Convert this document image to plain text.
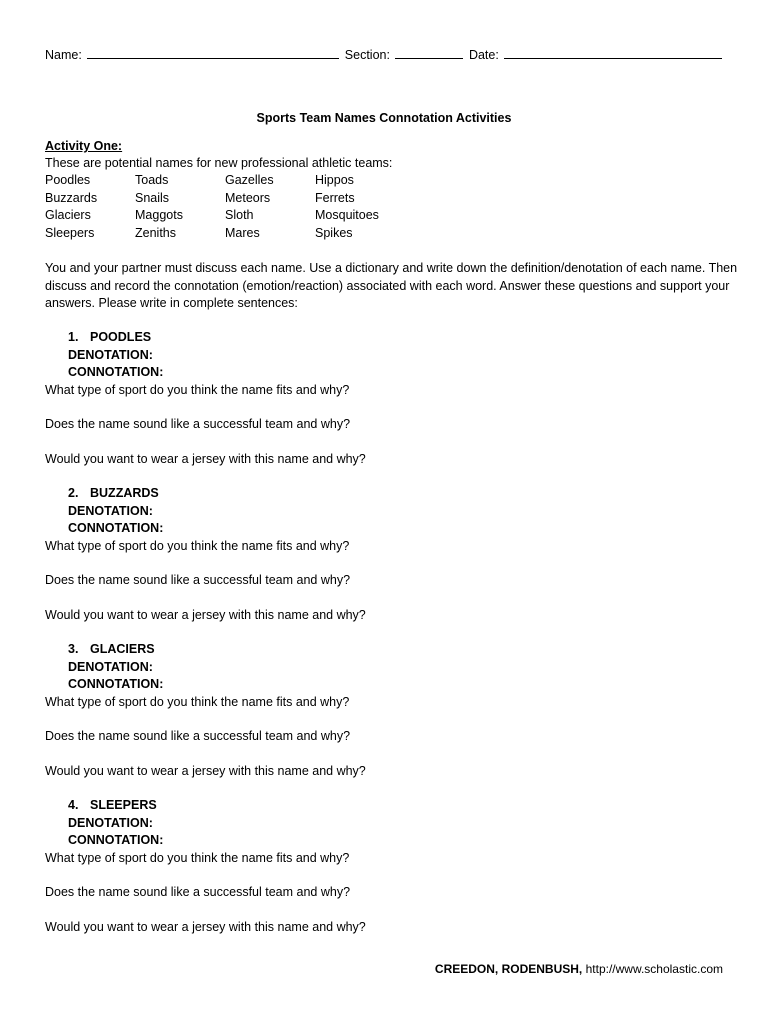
Name:	Section:	Date:
Sports Team Names Connotation Activities
Activity One:
These are potential names for new professional athletic teams:
Poodles	Toads	Gazelles	Hippos
Buzzards	Snails	Meteors	Ferrets
Glaciers	Maggots	Sloth	Mosquitoes
Sleepers	Zeniths	Mares	Spikes
You and your partner must discuss each name. Use a dictionary and write down the definition/denotation of each name. Then discuss and record the connotation (emotion/reaction) associated with each word. Answer these questions and support your answers. Please write in complete sentences:
1. POODLES
DENOTATION:
CONNOTATION:
What type of sport do you think the name fits and why?
Does the name sound like a successful team and why?
Would you want to wear a jersey with this name and why?
2. BUZZARDS
DENOTATION:
CONNOTATION:
What type of sport do you think the name fits and why?
Does the name sound like a successful team and why?
Would you want to wear a jersey with this name and why?
3. GLACIERS
DENOTATION:
CONNOTATION:
What type of sport do you think the name fits and why?
Does the name sound like a successful team and why?
Would you want to wear a jersey with this name and why?
4. SLEEPERS
DENOTATION:
CONNOTATION:
What type of sport do you think the name fits and why?
Does the name sound like a successful team and why?
Would you want to wear a jersey with this name and why?
CREEDON, RODENBUSH, http://www.scholastic.com
